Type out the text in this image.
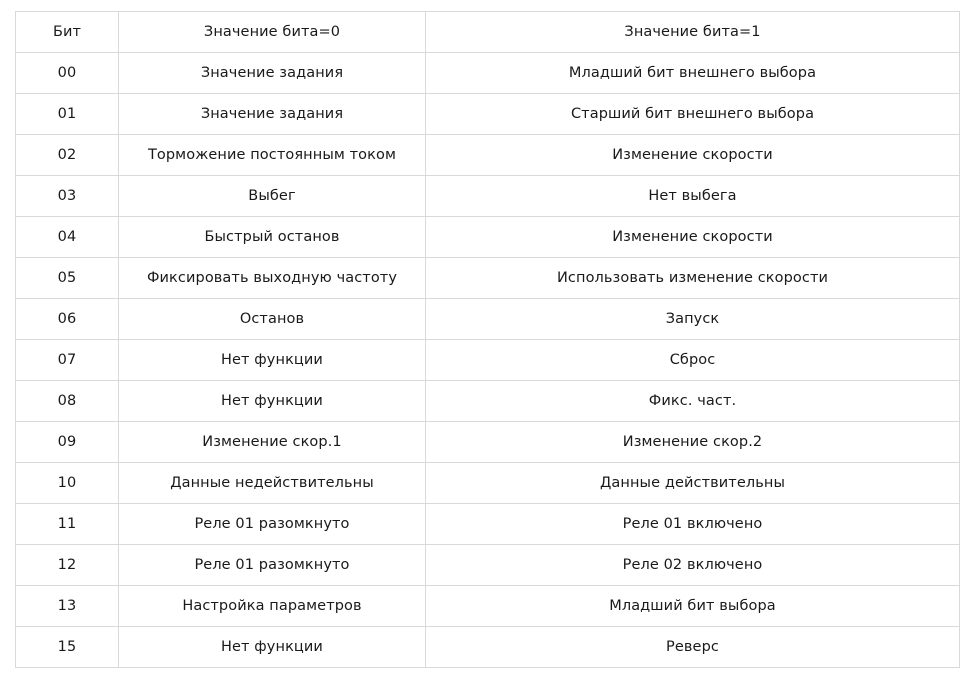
Бит	Значение бита=0	Значение бита=1
00	Значение задания	Младший бит внешнего выбора
01	Значение задания	Старший бит внешнего выбора
02	Торможение постоянным током	Изменение скорости
03	Выбег	Нет выбега
04	Быстрый останов	Изменение скорости
05	Фиксировать выходную частоту	Использовать изменение скорости
06	Останов	Запуск
07	Нет функции	Сброс
08	Нет функции	Фикс. част.
09	Изменение скор.1	Изменение скор.2
10	Данные недействительны	Данные действительны
11	Реле 01 разомкнуто	Реле 01 включено
12	Реле 01 разомкнуто	Реле 02 включено
13	Настройка параметров	Младший бит выбора
15	Нет функции	Реверс
